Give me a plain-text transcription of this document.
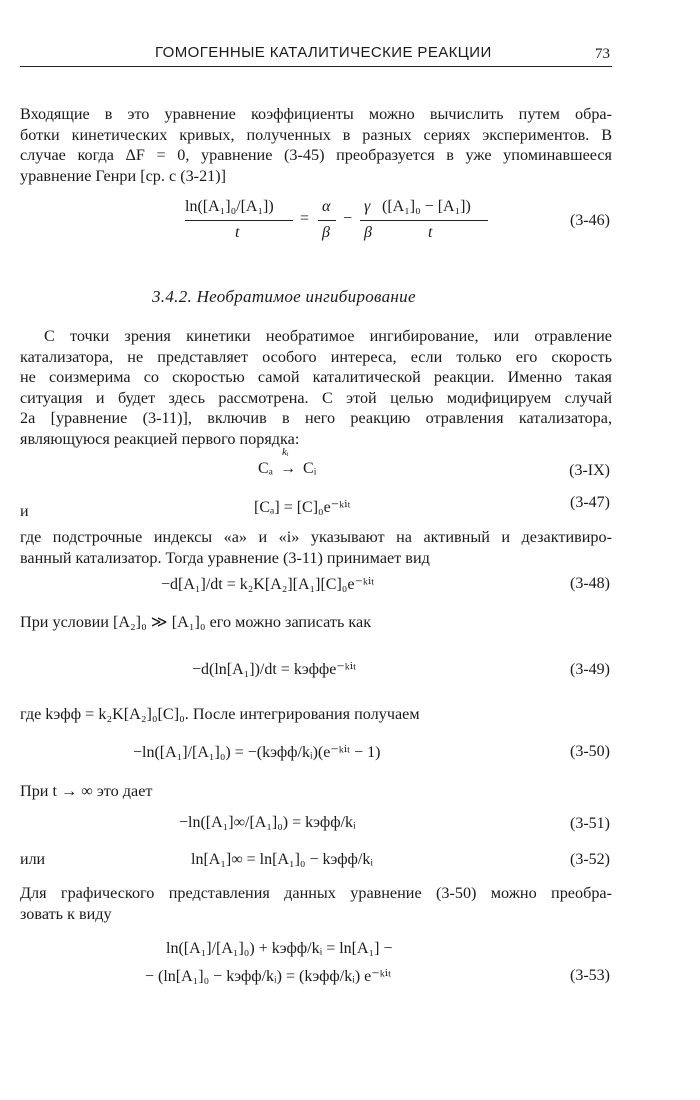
ГОМОГЕННЫЕ КАТАЛИТИЧЕСКИЕ РЕАКЦИИ	73

Входящие в это уравнение коэффициенты можно вычислить путем обра-
ботки кинетических кривых, полученных в разных сериях экспериментов. В
случае когда ΔF = 0, уравнение (3-45) преобразуется в уже упоминавшееся
уравнение Генри [ср. с (3-21)]

ln([A₁]₀/[A₁])
t
=
α
β
−
γ
β
([A₁]₀ − [A₁])
t
(3-46)
3.4.2. Необратимое ингибирование

С точки зрения кинетики необратимое ингибирование, или отравление
катализатора, не представляет особого интереса, если только его скорость
не соизмерима со скоростью самой каталитической реакции. Именно такая
ситуация и будет здесь рассмотрена. С этой целью модифицируем случай
2а [уравнение (3-11)], включив в него реакцию отравления катализатора,
являющуюся реакцией первого порядка:

Cₐ
kᵢ
→ Cᵢ	(3-IX)
и	[Cₐ] = [C]₀e⁻ᵏⁱᵗ	(3-47)

где подстрочные индексы «а» и «i» указывают на активный и дезактивиро-
ванный катализатор. Тогда уравнение (3-11) принимает вид

−d[A₁]/dt = k₂K[A₂][A₁][C]₀e⁻ᵏⁱᵗ	(3-48)

При условии [A₂]₀ ≫ [A₁]₀ его можно записать как

−d(ln[A₁])/dt = kэффe⁻ᵏⁱᵗ	(3-49)

где kэфф = k₂K[A₂]₀[C]₀. После интегрирования получаем

−ln([A₁]/[A₁]₀) = −(kэфф/kᵢ)(e⁻ᵏⁱᵗ − 1)	(3-50)

При t → ∞ это дает

−ln([A₁]∞/[A₁]₀) = kэфф/kᵢ	(3-51)
или	ln[A₁]∞ = ln[A₁]₀ − kэфф/kᵢ	(3-52)

Для графического представления данных уравнение (3-50) можно преобра-
зовать к виду

ln([A₁]/[A₁]₀) + kэфф/kᵢ = ln[A₁] −
− (ln[A₁]₀ − kэфф/kᵢ) = (kэфф/kᵢ) e⁻ᵏⁱᵗ	(3-53)
